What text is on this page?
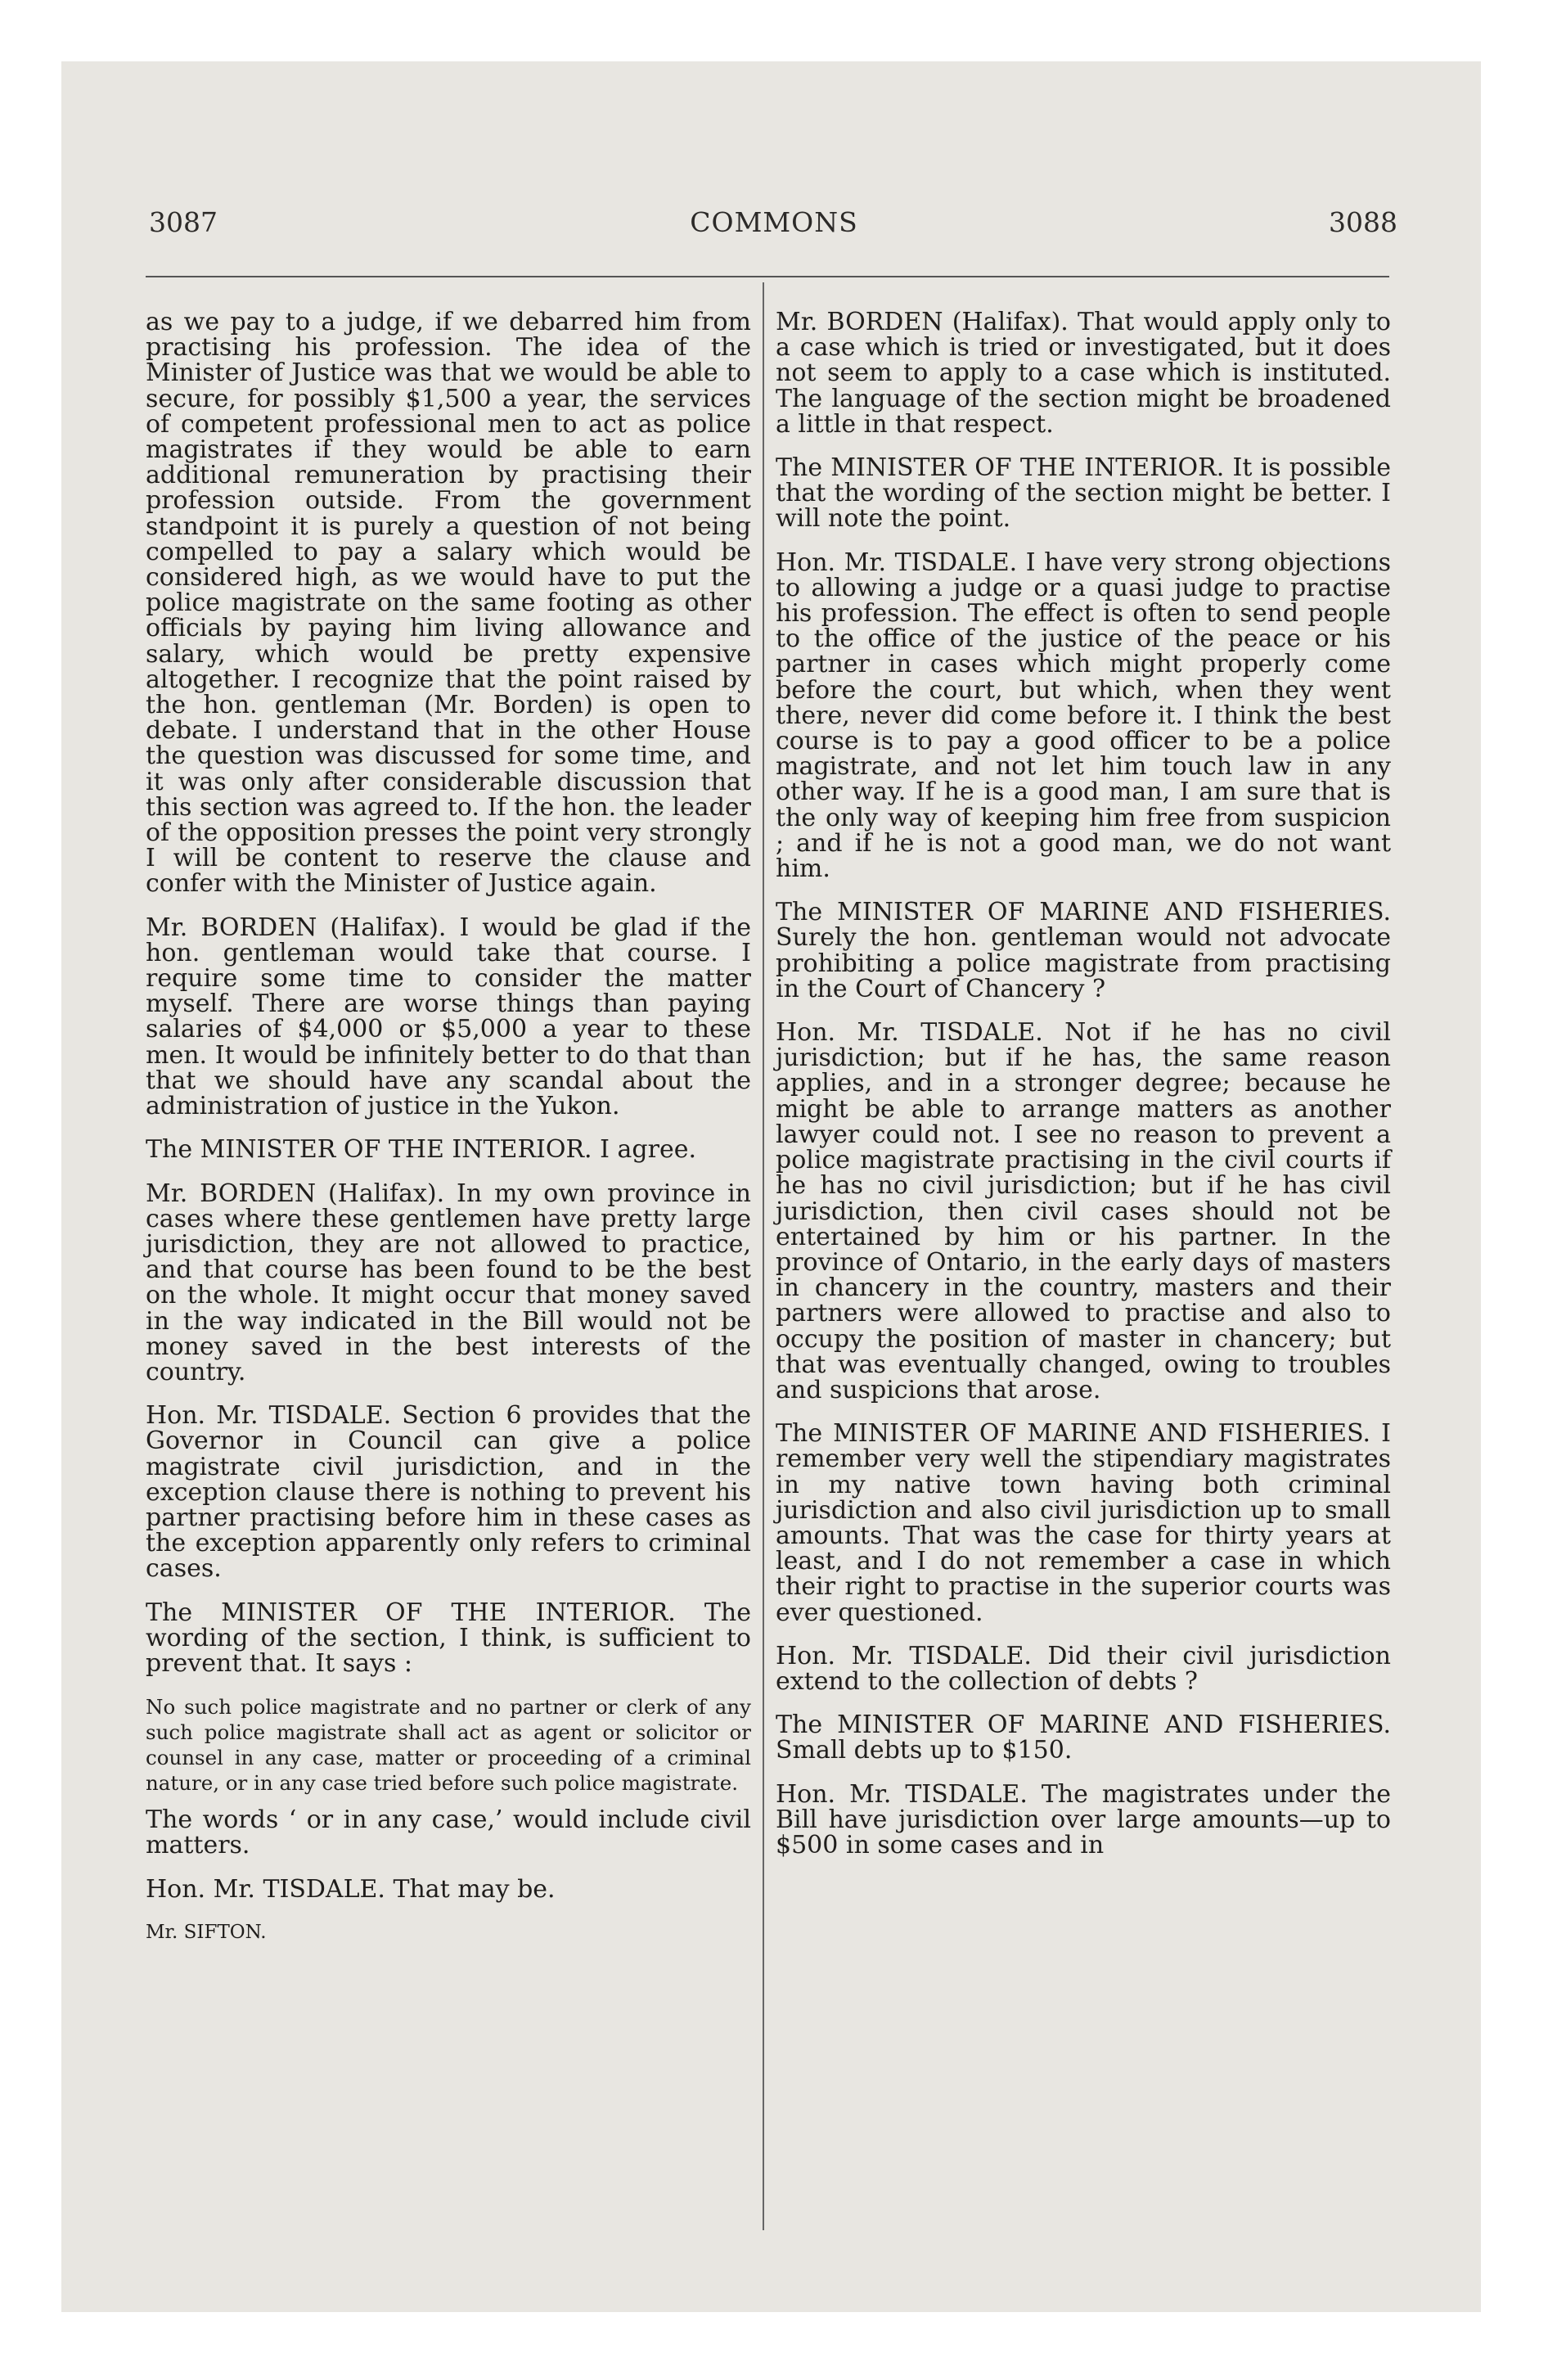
3087	COMMONS	3088

as we pay to a judge, if we debarred him from practising his profession. The idea of the Minister of Justice was that we would be able to secure, for possibly $1,500 a year, the services of competent professional men to act as police magistrates if they would be able to earn additional remuneration by practising their profession outside. From the government standpoint it is purely a question of not being compelled to pay a salary which would be considered high, as we would have to put the police magistrate on the same footing as other officials by paying him living allowance and salary, which would be pretty expensive altogether. I recognize that the point raised by the hon. gentleman (Mr. Borden) is open to debate. I understand that in the other House the question was discussed for some time, and it was only after considerable discussion that this section was agreed to. If the hon. the leader of the opposition presses the point very strongly I will be content to reserve the clause and confer with the Minister of Justice again.

Mr. BORDEN (Halifax). I would be glad if the hon. gentleman would take that course. I require some time to consider the matter myself. There are worse things than paying salaries of $4,000 or $5,000 a year to these men. It would be infinitely better to do that than that we should have any scandal about the administration of justice in the Yukon.

The MINISTER OF THE INTERIOR. I agree.

Mr. BORDEN (Halifax). In my own province in cases where these gentlemen have pretty large jurisdiction, they are not allowed to practice, and that course has been found to be the best on the whole. It might occur that money saved in the way indicated in the Bill would not be money saved in the best interests of the country.

Hon. Mr. TISDALE. Section 6 provides that the Governor in Council can give a police magistrate civil jurisdiction, and in the exception clause there is nothing to prevent his partner practising before him in these cases as the exception apparently only refers to criminal cases.

The MINISTER OF THE INTERIOR. The wording of the section, I think, is sufficient to prevent that. It says :

No such police magistrate and no partner or clerk of any such police magistrate shall act as agent or solicitor or counsel in any case, matter or proceeding of a criminal nature, or in any case tried before such police magistrate.

The words ‘ or in any case,’ would include civil matters.

Hon. Mr. TISDALE. That may be.

Mr. SIFTON.

Mr. BORDEN (Halifax). That would apply only to a case which is tried or investigated, but it does not seem to apply to a case which is instituted. The language of the section might be broadened a little in that respect.

The MINISTER OF THE INTERIOR. It is possible that the wording of the section might be better. I will note the point.

Hon. Mr. TISDALE. I have very strong objections to allowing a judge or a quasi judge to practise his profession. The effect is often to send people to the office of the justice of the peace or his partner in cases which might properly come before the court, but which, when they went there, never did come before it. I think the best course is to pay a good officer to be a police magistrate, and not let him touch law in any other way. If he is a good man, I am sure that is the only way of keeping him free from suspicion ; and if he is not a good man, we do not want him.

The MINISTER OF MARINE AND FISHERIES. Surely the hon. gentleman would not advocate prohibiting a police magistrate from practising in the Court of Chancery ?

Hon. Mr. TISDALE. Not if he has no civil jurisdiction; but if he has, the same reason applies, and in a stronger degree; because he might be able to arrange matters as another lawyer could not. I see no reason to prevent a police magistrate practising in the civil courts if he has no civil jurisdiction; but if he has civil jurisdiction, then civil cases should not be entertained by him or his partner. In the province of Ontario, in the early days of masters in chancery in the country, masters and their partners were allowed to practise and also to occupy the position of master in chancery; but that was eventually changed, owing to troubles and suspicions that arose.

The MINISTER OF MARINE AND FISHERIES. I remember very well the stipendiary magistrates in my native town having both criminal jurisdiction and also civil jurisdiction up to small amounts. That was the case for thirty years at least, and I do not remember a case in which their right to practise in the superior courts was ever questioned.

Hon. Mr. TISDALE. Did their civil jurisdiction extend to the collection of debts ?

The MINISTER OF MARINE AND FISHERIES. Small debts up to $150.

Hon. Mr. TISDALE. The magistrates under the Bill have jurisdiction over large amounts—up to $500 in some cases and in
